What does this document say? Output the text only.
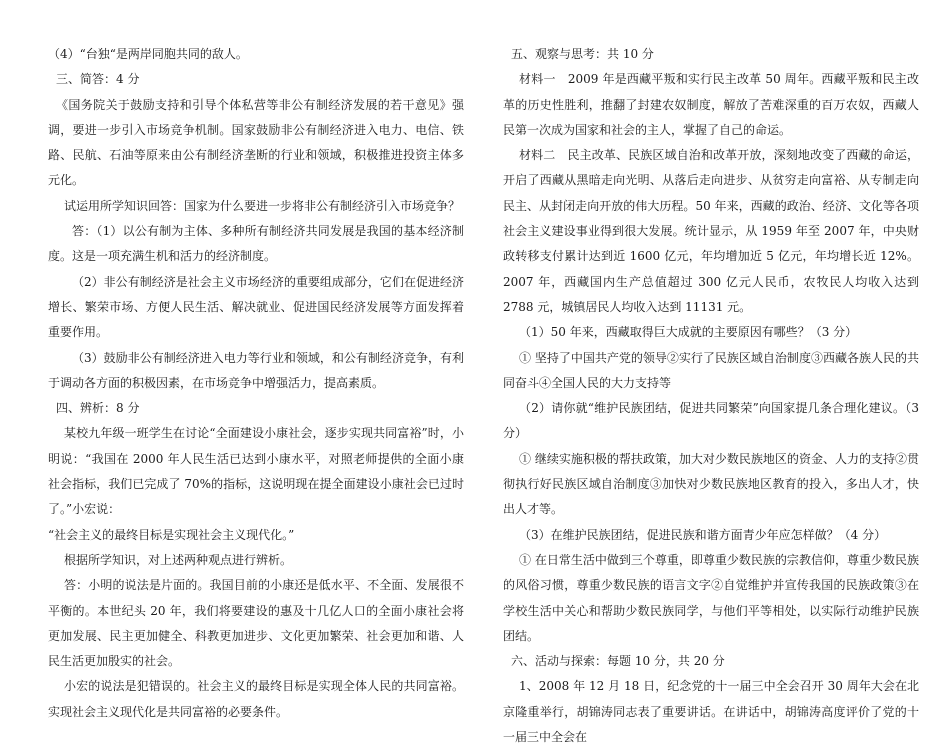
（4）“台独“是两岸同胞共同的敌人。

三、简答：4 分

《国务院关于鼓励支持和引导个体私营等非公有制经济发展的若干意见》强调，要进一步引入市场竞争机制。国家鼓励非公有制经济进入电力、电信、铁路、民航、石油等原来由公有制经济垄断的行业和领域，积极推进投资主体多元化。

试运用所学知识回答：国家为什么要进一步将非公有制经济引入市场竞争？

答：（1）以公有制为主体、多种所有制经济共同发展是我国的基本经济制度。这是一项充满生机和活力的经济制度。

（2）非公有制经济是社会主义市场经济的重要组成部分，它们在促进经济增长、繁荣市场、方便人民生活、解决就业、促进国民经济发展等方面发挥着重要作用。

（3）鼓励非公有制经济进入电力等行业和领域，和公有制经济竞争，有利于调动各方面的积极因素，在市场竞争中增强活力，提高素质。

四、辨析：8 分

某校九年级一班学生在讨论“全面建设小康社会，逐步实现共同富裕”时，小明说：“我国在 2000 年人民生活已达到小康水平，对照老师提供的全面小康社会指标，我们已完成了 70%的指标，这说明现在提全面建设小康社会已过时了。”小宏说：

“社会主义的最终目标是实现社会主义现代化。”

根据所学知识，对上述两种观点进行辨析。

答：小明的说法是片面的。我国目前的小康还是低水平、不全面、发展很不平衡的。本世纪头 20 年，我们将要建设的惠及十几亿人口的全面小康社会将更加发展、民主更加健全、科教更加进步、文化更加繁荣、社会更加和谐、人民生活更加殷实的社会。

小宏的说法是犯错误的。社会主义的最终目标是实现全体人民的共同富裕。实现社会主义现代化是共同富裕的必要条件。

五、观察与思考：共 10 分

材料一　2009 年是西藏平叛和实行民主改革 50 周年。西藏平叛和民主改革的历史性胜利，推翻了封建农奴制度，解放了苦难深重的百万农奴，西藏人民第一次成为国家和社会的主人，掌握了自己的命运。

材料二　民主改革、民族区域自治和改革开放，深刻地改变了西藏的命运，开启了西藏从黑暗走向光明、从落后走向进步、从贫穷走向富裕、从专制走向民主、从封闭走向开放的伟大历程。50 年来，西藏的政治、经济、文化等各项社会主义建设事业得到很大发展。统计显示，从 1959 年至 2007 年，中央财政转移支付累计达到近 1600 亿元，年均增加近 5 亿元，年均增长近 12%。2007 年，西藏国内生产总值超过 300 亿元人民币，农牧民人均收入达到 2788 元，城镇居民人均收入达到 11131 元。

（1）50 年来，西藏取得巨大成就的主要原因有哪些？（3 分）

① 坚持了中国共产党的领导②实行了民族区域自治制度③西藏各族人民的共同奋斗④全国人民的大力支持等

（2）请你就“维护民族团结，促进共同繁荣”向国家提几条合理化建议。（3 分）

① 继续实施积极的帮扶政策，加大对少数民族地区的资金、人力的支持②贯彻执行好民族区域自治制度③加快对少数民族地区教育的投入，多出人才，快出人才等。

（3）在维护民族团结，促进民族和谐方面青少年应怎样做？（4 分）

① 在日常生活中做到三个尊重，即尊重少数民族的宗教信仰，尊重少数民族的风俗习惯，尊重少数民族的语言文字②自觉维护并宣传我国的民族政策③在学校生活中关心和帮助少数民族同学，与他们平等相处，以实际行动维护民族团结。

六、活动与探索：每题 10 分，共 20 分

1、2008 年 12 月 18 日，纪念党的十一届三中全会召开 30 周年大会在北京隆重举行，胡锦涛同志表了重要讲话。在讲话中，胡锦涛高度评价了党的十一届三中全会在
